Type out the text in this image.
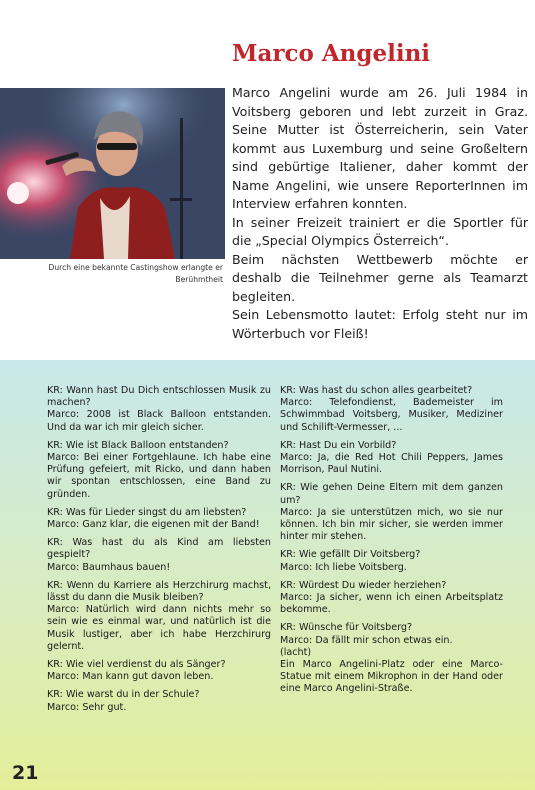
Marco Angelini
Durch eine bekannte Castingshow erlangte er Berühmtheit

Marco Angelini wurde am 26. Juli 1984 in Voitsberg geboren und lebt zurzeit in Graz. Seine Mutter ist Österreicherin, sein Vater kommt aus Luxemburg und seine Großeltern sind gebürtige Italiener, daher kommt der Name Angelini, wie unsere ReporterInnen im Interview erfahren konnten.

In seiner Freizeit trainiert er die Sportler für die „Special Olympics Österreich“.

Beim nächsten Wettbewerb möchte er deshalb die Teilnehmer gerne als Teamarzt begleiten.

Sein Lebensmotto lautet: Erfolg steht nur im Wörterbuch vor Fleiß!

KR: Wann hast Du Dich entschlossen Musik zu machen?
Marco: 2008 ist Black Balloon entstanden. Und da war ich mir gleich sicher.
KR: Wie ist Black Balloon entstanden?
Marco: Bei einer Fortgehlaune. Ich habe eine Prüfung gefeiert, mit Ricko, und dann haben wir spontan entschlossen, eine Band zu gründen.
KR: Was für Lieder singst du am liebsten?
Marco: Ganz klar, die eigenen mit der Band!
KR: Was hast du als Kind am liebsten gespielt?
Marco: Baumhaus bauen!
KR: Wenn du Karriere als Herzchirurg machst, lässt du dann die Musik bleiben?
Marco: Natürlich wird dann nichts mehr so sein wie es einmal war, und natürlich ist die Musik lustiger, aber ich habe Herzchirurg gelernt.
KR: Wie viel verdienst du als Sänger?
Marco: Man kann gut davon leben.
KR: Wie warst du in der Schule?
Marco: Sehr gut.
KR: Was hast du schon alles gearbeitet?
Marco: Telefondienst, Bademeister im Schwimmbad Voitsberg, Musiker, Mediziner und Schilift-Vermesser, ...
KR: Hast Du ein Vorbild?
Marco: Ja, die Red Hot Chili Peppers, James Morrison, Paul Nutini.
KR: Wie gehen Deine Eltern mit dem ganzen um?
Marco: Ja sie unterstützen mich, wo sie nur können. Ich bin mir sicher, sie werden immer hinter mir stehen.
KR: Wie gefällt Dir Voitsberg?
Marco: Ich liebe Voitsberg.
KR: Würdest Du wieder herziehen?
Marco: Ja sicher, wenn ich einen Arbeitsplatz bekomme.
KR: Wünsche für Voitsberg?
Marco: Da fällt mir schon etwas ein.
(lacht)
Ein Marco Angelini-Platz oder eine Marco-Statue mit einem Mikrophon in der Hand oder eine Marco Angelini-Straße.
21
